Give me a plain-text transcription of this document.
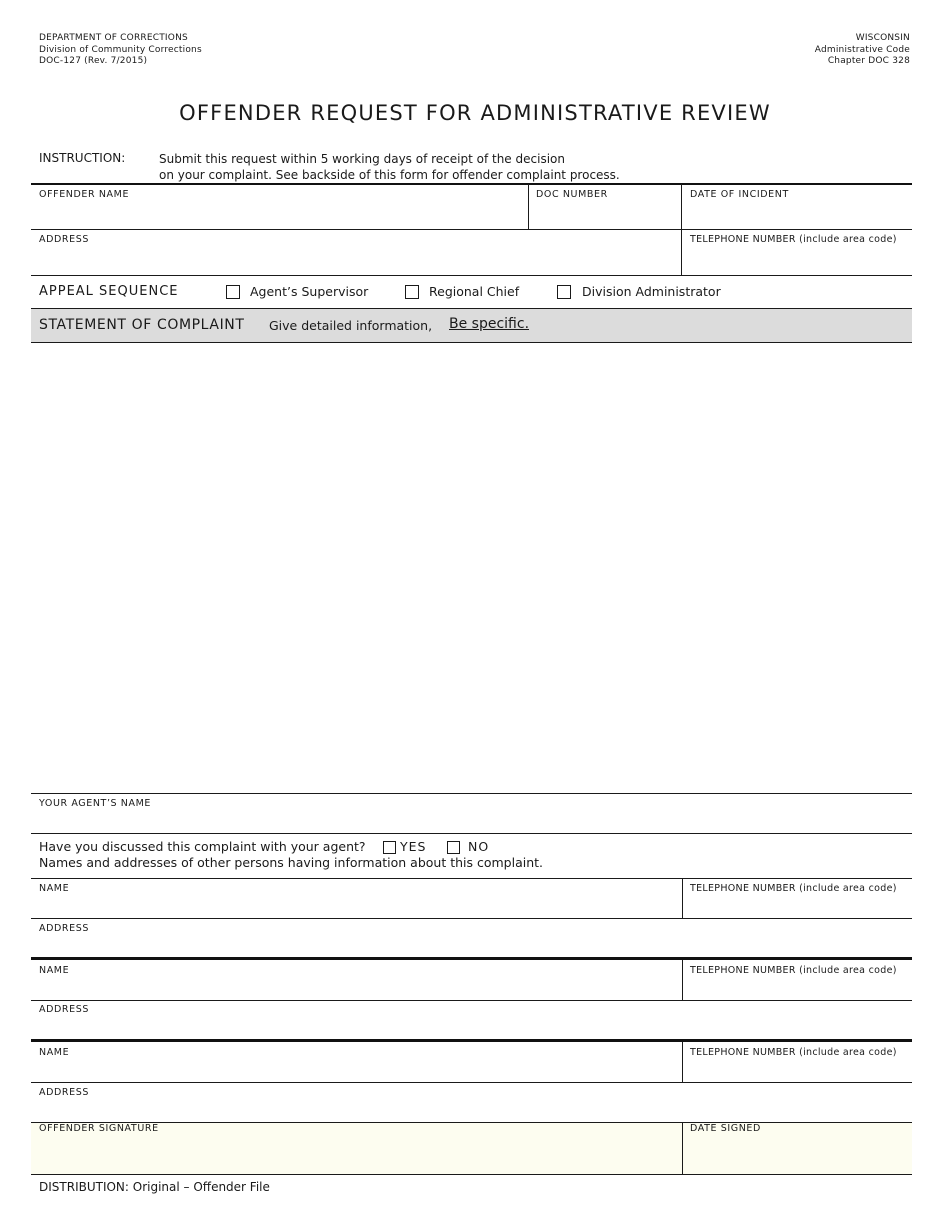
DEPARTMENT OF CORRECTIONS
Division of Community Corrections
DOC-127 (Rev. 7/2015)
WISCONSIN
Administrative Code
Chapter DOC 328
OFFENDER REQUEST FOR ADMINISTRATIVE REVIEW
INSTRUCTION:	Submit this request within 5 working days of receipt of the decision
on your complaint. See backside of this form for offender complaint process.
OFFENDER NAME	DOC NUMBER	DATE OF INCIDENT
ADDRESS	TELEPHONE NUMBER (include area code)
APPEAL SEQUENCE	Agent’s Supervisor	Regional Chief	Division Administrator
STATEMENT OF COMPLAINT Give detailed information, Be specific.
YOUR AGENT’S NAME
Have you discussed this complaint with your agent?	YES	NO
Names and addresses of other persons having information about this complaint.
NAME	TELEPHONE NUMBER (include area code)
ADDRESS
NAME	TELEPHONE NUMBER (include area code)
ADDRESS
NAME	TELEPHONE NUMBER (include area code)
ADDRESS
OFFENDER SIGNATURE	DATE SIGNED
DISTRIBUTION: Original – Offender File
